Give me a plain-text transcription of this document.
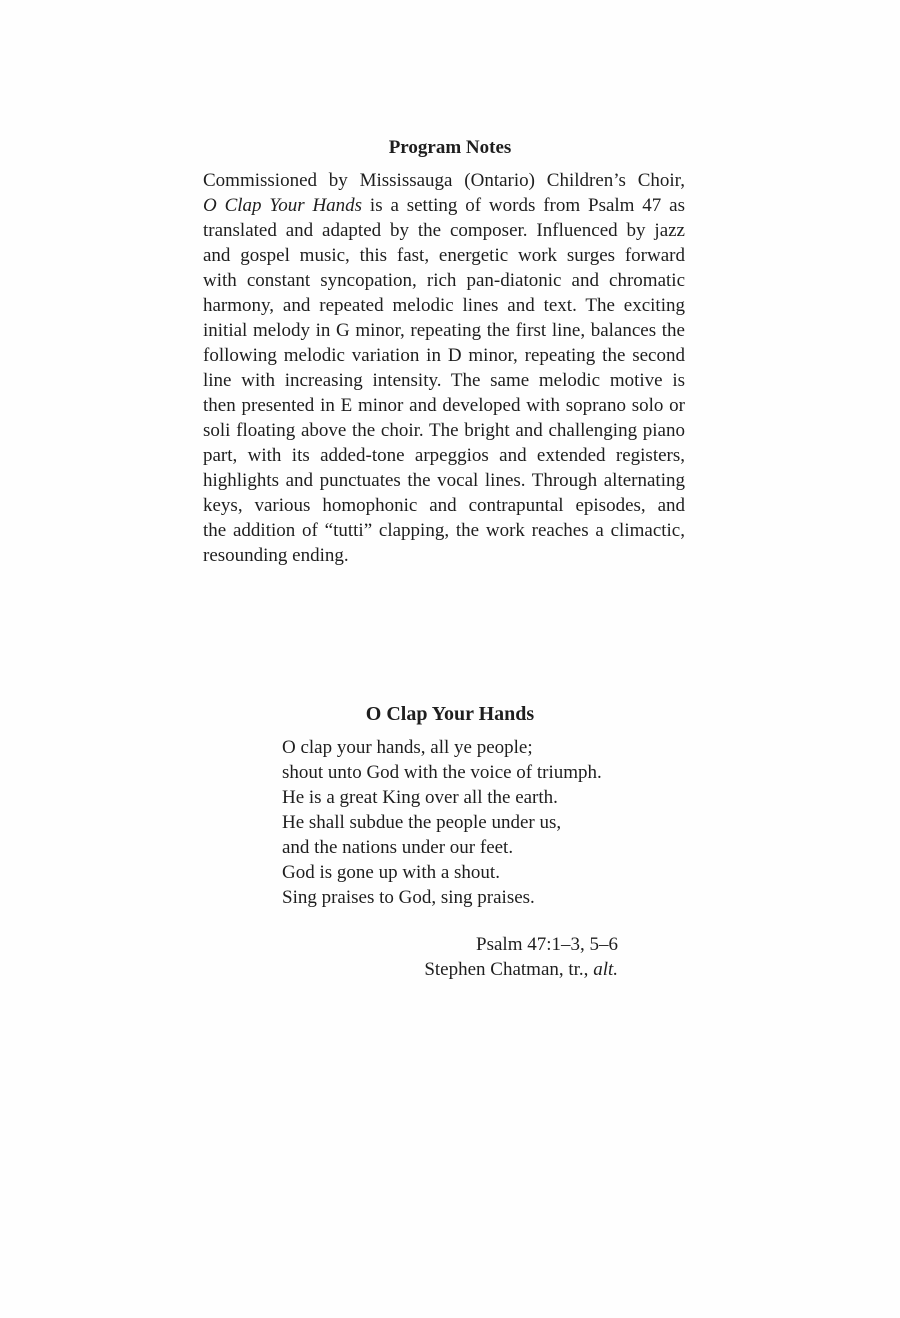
Program Notes
Commissioned by Mississauga (Ontario) Children’s Choir,
O Clap Your Hands is a setting of words from Psalm 47 as
translated and adapted by the composer. Influenced by jazz
and gospel music, this fast, energetic work surges forward
with constant syncopation, rich pan-diatonic and chromatic
harmony, and repeated melodic lines and text. The exciting
initial melody in G minor, repeating the first line, balances the
following melodic variation in D minor, repeating the second
line with increasing intensity. The same melodic motive is
then presented in E minor and developed with soprano solo or
soli floating above the choir. The bright and challenging piano
part, with its added-tone arpeggios and extended registers,
highlights and punctuates the vocal lines. Through alternating
keys, various homophonic and contrapuntal episodes, and
the addition of “tutti” clapping, the work reaches a climactic,
resounding ending.
O Clap Your Hands
O clap your hands, all ye people;
shout unto God with the voice of triumph.
He is a great King over all the earth.
He shall subdue the people under us,
and the nations under our feet.
God is gone up with a shout.
Sing praises to God, sing praises.
Psalm 47:1–3, 5–6
Stephen Chatman, tr., alt.
